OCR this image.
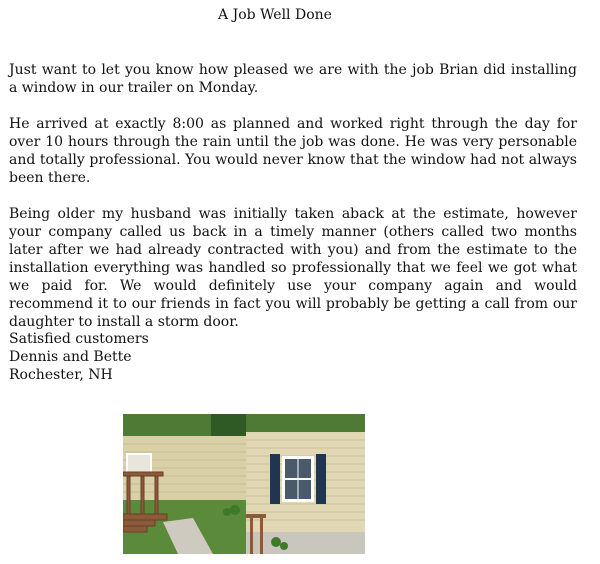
A Job Well Done

Just want to let you know how pleased we are with the job Brian did installing a window in our trailer on Monday.

He arrived at exactly 8:00 as planned and worked right through the day for over 10 hours through the rain until the job was done. He was very personable and totally professional. You would never know that the window had not always been there.

Being older my husband was initially taken aback at the estimate, however your company called us back in a timely manner (others called two months later after we had already contracted with you) and from the estimate to the installation everything was handled so professionally that we feel we got what we paid for. We would definitely use your company again and would recommend it to our friends in fact you will probably be getting a call from our daughter to install a storm door.

Satisfied customers
Dennis and Bette
Rochester, NH
